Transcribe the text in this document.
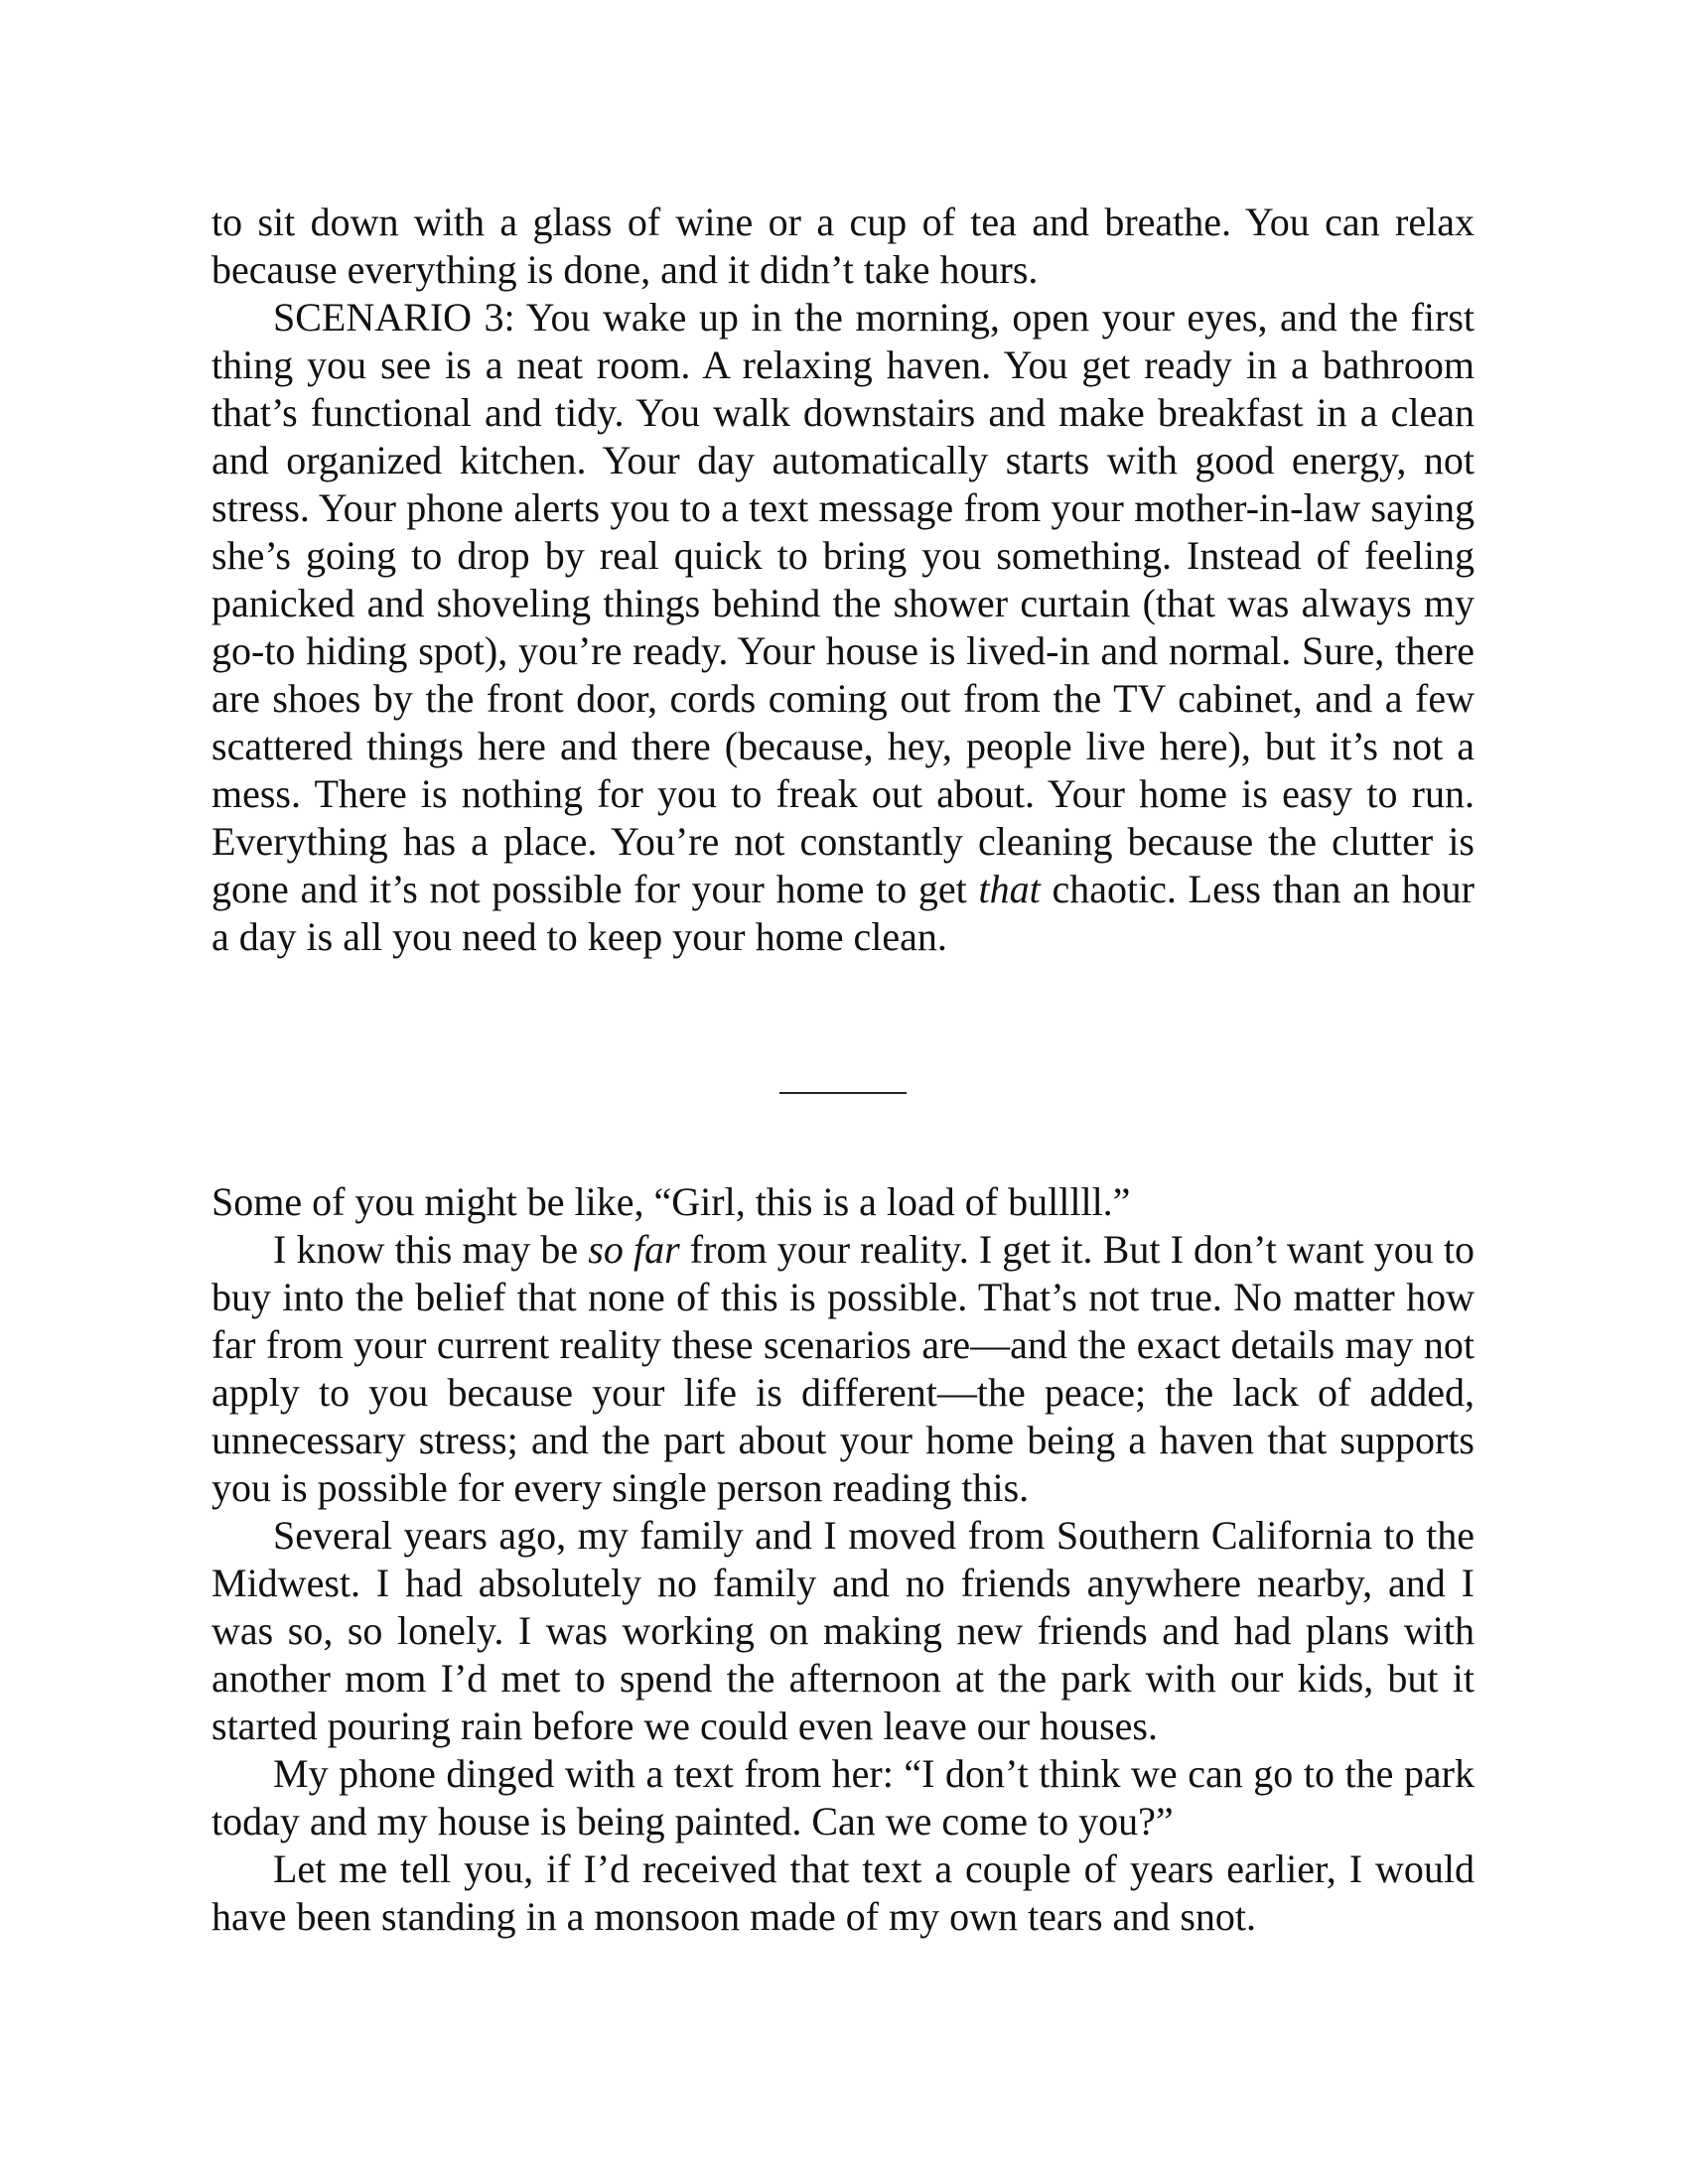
to sit down with a glass of wine or a cup of tea and breathe. You can relax because everything is done, and it didn’t take hours.

SCENARIO 3: You wake up in the morning, open your eyes, and the first thing you see is a neat room. A relaxing haven. You get ready in a bathroom that’s functional and tidy. You walk downstairs and make breakfast in a clean and organized kitchen. Your day automatically starts with good energy, not stress. Your phone alerts you to a text message from your mother-in-law saying she’s going to drop by real quick to bring you something. Instead of feeling panicked and shoveling things behind the shower curtain (that was always my go-to hiding spot), you’re ready. Your house is lived-in and normal. Sure, there are shoes by the front door, cords coming out from the TV cabinet, and a few scattered things here and there (because, hey, people live here), but it’s not a mess. There is nothing for you to freak out about. Your home is easy to run. Everything has a place. You’re not constantly cleaning because the clutter is gone and it’s not possible for your home to get that chaotic. Less than an hour a day is all you need to keep your home clean.

Some of you might be like, “Girl, this is a load of bulllll.”

I know this may be so far from your reality. I get it. But I don’t want you to buy into the belief that none of this is possible. That’s not true. No matter how far from your current reality these scenarios are—and the exact details may not apply to you because your life is different—the peace; the lack of added, unnecessary stress; and the part about your home being a haven that supports you is possible for every single person reading this.

Several years ago, my family and I moved from Southern California to the Midwest. I had absolutely no family and no friends anywhere nearby, and I was so, so lonely. I was working on making new friends and had plans with another mom I’d met to spend the afternoon at the park with our kids, but it started pouring rain before we could even leave our houses.

My phone dinged with a text from her: “I don’t think we can go to the park today and my house is being painted. Can we come to you?”

Let me tell you, if I’d received that text a couple of years earlier, I would have been standing in a monsoon made of my own tears and snot.
